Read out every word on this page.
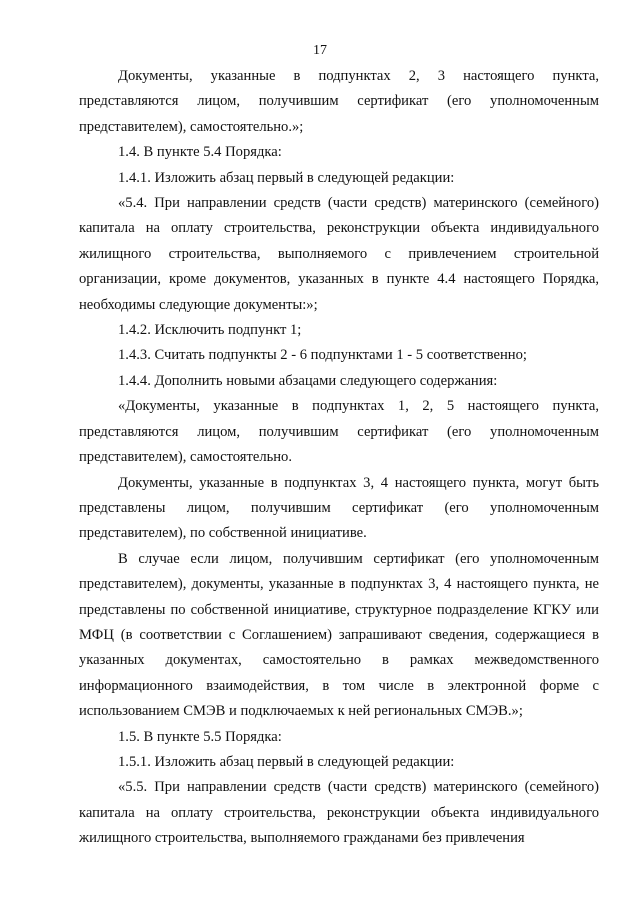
17

Документы, указанные в подпунктах 2, 3 настоящего пункта, представляются лицом, получившим сертификат (его уполномоченным представителем), самостоятельно.»;

1.4. В пункте 5.4 Порядка:

1.4.1. Изложить абзац первый в следующей редакции:

«5.4. При направлении средств (части средств) материнского (семейного) капитала на оплату строительства, реконструкции объекта индивидуального жилищного строительства, выполняемого с привлечением строительной организации, кроме документов, указанных в пункте 4.4 настоящего Порядка, необходимы следующие документы:»;

1.4.2. Исключить подпункт 1;

1.4.3. Считать подпункты 2 - 6 подпунктами 1 - 5 соответственно;

1.4.4. Дополнить новыми абзацами следующего содержания:

«Документы, указанные в подпунктах 1, 2, 5 настоящего пункта, представляются лицом, получившим сертификат (его уполномоченным представителем), самостоятельно.

Документы, указанные в подпунктах 3, 4 настоящего пункта, могут быть представлены лицом, получившим сертификат (его уполномоченным представителем), по собственной инициативе.

В случае если лицом, получившим сертификат (его уполномоченным представителем), документы, указанные в подпунктах 3, 4 настоящего пункта, не представлены по собственной инициативе, структурное подразделение КГКУ или МФЦ (в соответствии с Соглашением) запрашивают сведения, содержащиеся в указанных документах, самостоятельно в рамках межведомственного информационного взаимодействия, в том числе в электронной форме с использованием СМЭВ и подключаемых к ней региональных СМЭВ.»;

1.5. В пункте 5.5 Порядка:

1.5.1. Изложить абзац первый в следующей редакции:

«5.5. При направлении средств (части средств) материнского (семейного) капитала на оплату строительства, реконструкции объекта индивидуального жилищного строительства, выполняемого гражданами без привлечения
